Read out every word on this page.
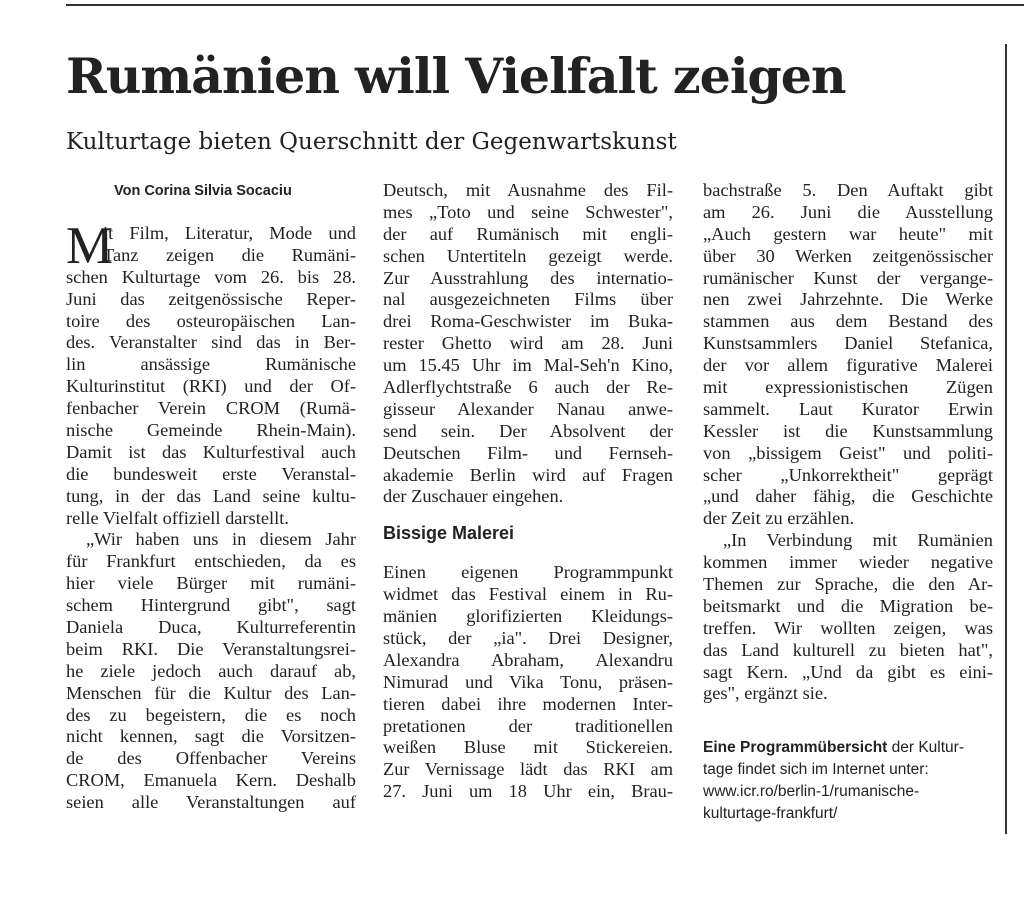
Rumänien will Vielfalt zeigen
Kulturtage bieten Querschnitt der Gegenwartskunst
Von Corina Silvia Socaciu
M
it Film, Literatur, Mode und
Tanz zeigen die Rumäni-
schen Kulturtage vom 26. bis 28.
Juni das zeitgenössische Reper-
toire des osteuropäischen Lan-
des. Veranstalter sind das in Ber-
lin ansässige Rumänische
Kulturinstitut (RKI) und der Of-
fenbacher Verein CROM (Rumä-
nische Gemeinde Rhein-Main).
Damit ist das Kulturfestival auch
die bundesweit erste Veranstal-
tung, in der das Land seine kultu-
relle Vielfalt offiziell darstellt.
„Wir haben uns in diesem Jahr
für Frankfurt entschieden, da es
hier viele Bürger mit rumäni-
schem Hintergrund gibt", sagt
Daniela Duca, Kulturreferentin
beim RKI. Die Veranstaltungsrei-
he ziele jedoch auch darauf ab,
Menschen für die Kultur des Lan-
des zu begeistern, die es noch
nicht kennen, sagt die Vorsitzen-
de des Offenbacher Vereins
CROM, Emanuela Kern. Deshalb
seien alle Veranstaltungen auf
Deutsch, mit Ausnahme des Fil-
mes „Toto und seine Schwester",
der auf Rumänisch mit engli-
schen Untertiteln gezeigt werde.
Zur Ausstrahlung des internatio-
nal ausgezeichneten Films über
drei Roma-Geschwister im Buka-
rester Ghetto wird am 28. Juni
um 15.45 Uhr im Mal-Seh'n Kino,
Adlerflychtstraße 6 auch der Re-
gisseur Alexander Nanau anwe-
send sein. Der Absolvent der
Deutschen Film- und Fernseh-
akademie Berlin wird auf Fragen
der Zuschauer eingehen.
Bissige Malerei
Einen eigenen Programmpunkt
widmet das Festival einem in Ru-
mänien glorifizierten Kleidungs-
stück, der „ia". Drei Designer,
Alexandra Abraham, Alexandru
Nimurad und Vika Tonu, präsen-
tieren dabei ihre modernen Inter-
pretationen der traditionellen
weißen Bluse mit Stickereien.
Zur Vernissage lädt das RKI am
27. Juni um 18 Uhr ein, Brau-
bachstraße 5. Den Auftakt gibt
am 26. Juni die Ausstellung
„Auch gestern war heute" mit
über 30 Werken zeitgenössischer
rumänischer Kunst der vergange-
nen zwei Jahrzehnte. Die Werke
stammen aus dem Bestand des
Kunstsammlers Daniel Stefanica,
der vor allem figurative Malerei
mit expressionistischen Zügen
sammelt. Laut Kurator Erwin
Kessler ist die Kunstsammlung
von „bissigem Geist" und politi-
scher „Unkorrektheit" geprägt
„und daher fähig, die Geschichte
der Zeit zu erzählen.
„In Verbindung mit Rumänien
kommen immer wieder negative
Themen zur Sprache, die den Ar-
beitsmarkt und die Migration be-
treffen. Wir wollten zeigen, was
das Land kulturell zu bieten hat",
sagt Kern. „Und da gibt es eini-
ges", ergänzt sie.
Eine Programmübersicht der Kultur-
tage findet sich im Internet unter:
www.icr.ro/berlin-1/rumanische-
kulturtage-frankfurt/
